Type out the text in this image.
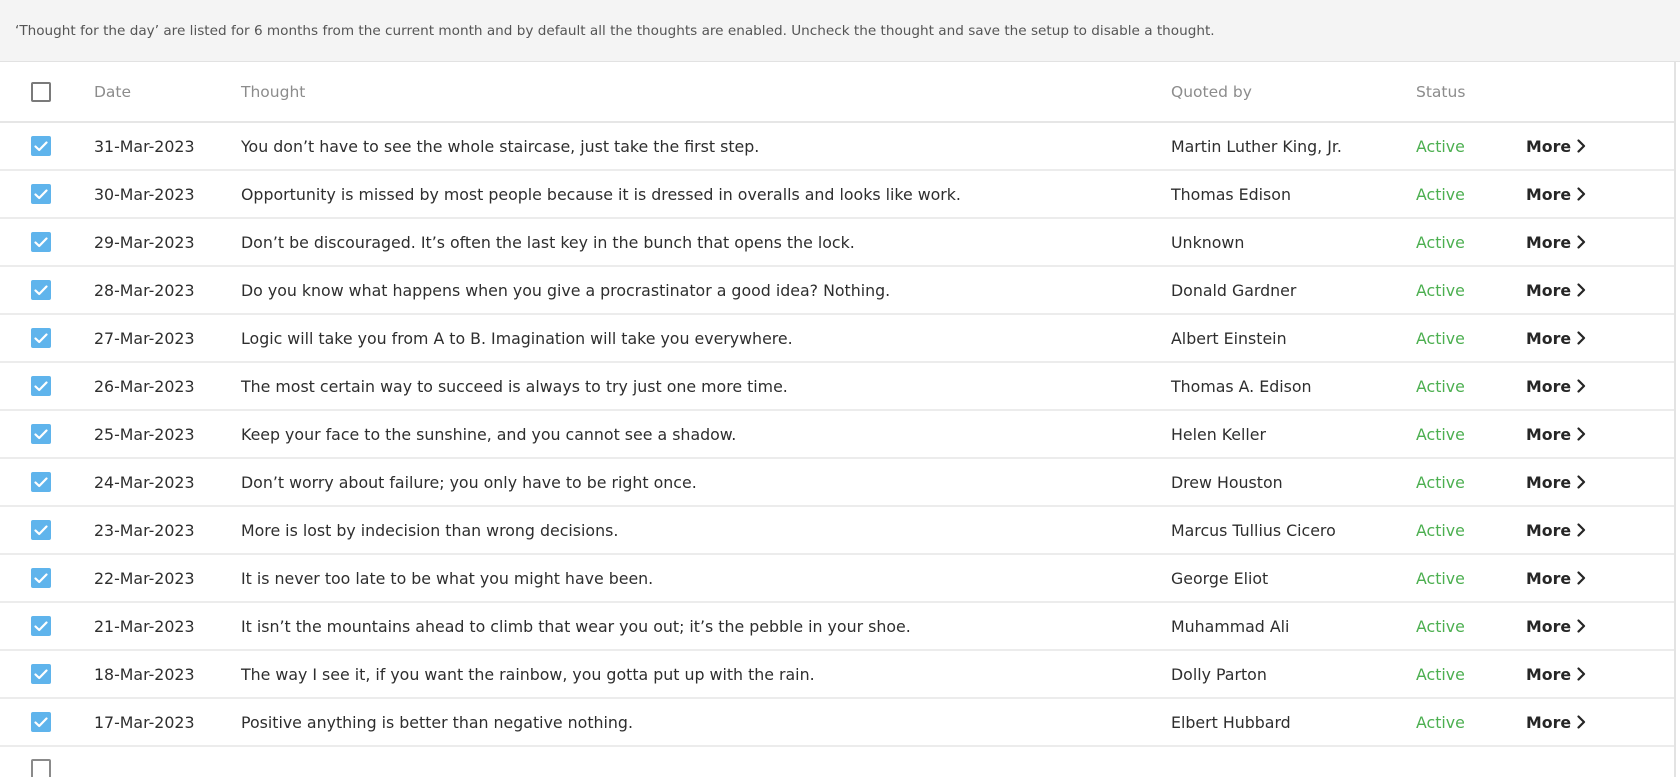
‘Thought for the day’ are listed for 6 months from the current month and by default all the thoughts are enabled. Uncheck the thought and save the setup to disable a thought.
Date	Thought	Quoted by	Status
31-Mar-2023	You don’t have to see the whole staircase, just take the first step.	Martin Luther King, Jr.	Active	More
30-Mar-2023	Opportunity is missed by most people because it is dressed in overalls and looks like work.	Thomas Edison	Active	More
29-Mar-2023	Don’t be discouraged. It’s often the last key in the bunch that opens the lock.	Unknown	Active	More
28-Mar-2023	Do you know what happens when you give a procrastinator a good idea? Nothing.	Donald Gardner	Active	More
27-Mar-2023	Logic will take you from A to B. Imagination will take you everywhere.	Albert Einstein	Active	More
26-Mar-2023	The most certain way to succeed is always to try just one more time.	Thomas A. Edison	Active	More
25-Mar-2023	Keep your face to the sunshine, and you cannot see a shadow.	Helen Keller	Active	More
24-Mar-2023	Don’t worry about failure; you only have to be right once.	Drew Houston	Active	More
23-Mar-2023	More is lost by indecision than wrong decisions.	Marcus Tullius Cicero	Active	More
22-Mar-2023	It is never too late to be what you might have been.	George Eliot	Active	More
21-Mar-2023	It isn’t the mountains ahead to climb that wear you out; it’s the pebble in your shoe.	Muhammad Ali	Active	More
18-Mar-2023	The way I see it, if you want the rainbow, you gotta put up with the rain.	Dolly Parton	Active	More
17-Mar-2023	Positive anything is better than negative nothing.	Elbert Hubbard	Active	More
